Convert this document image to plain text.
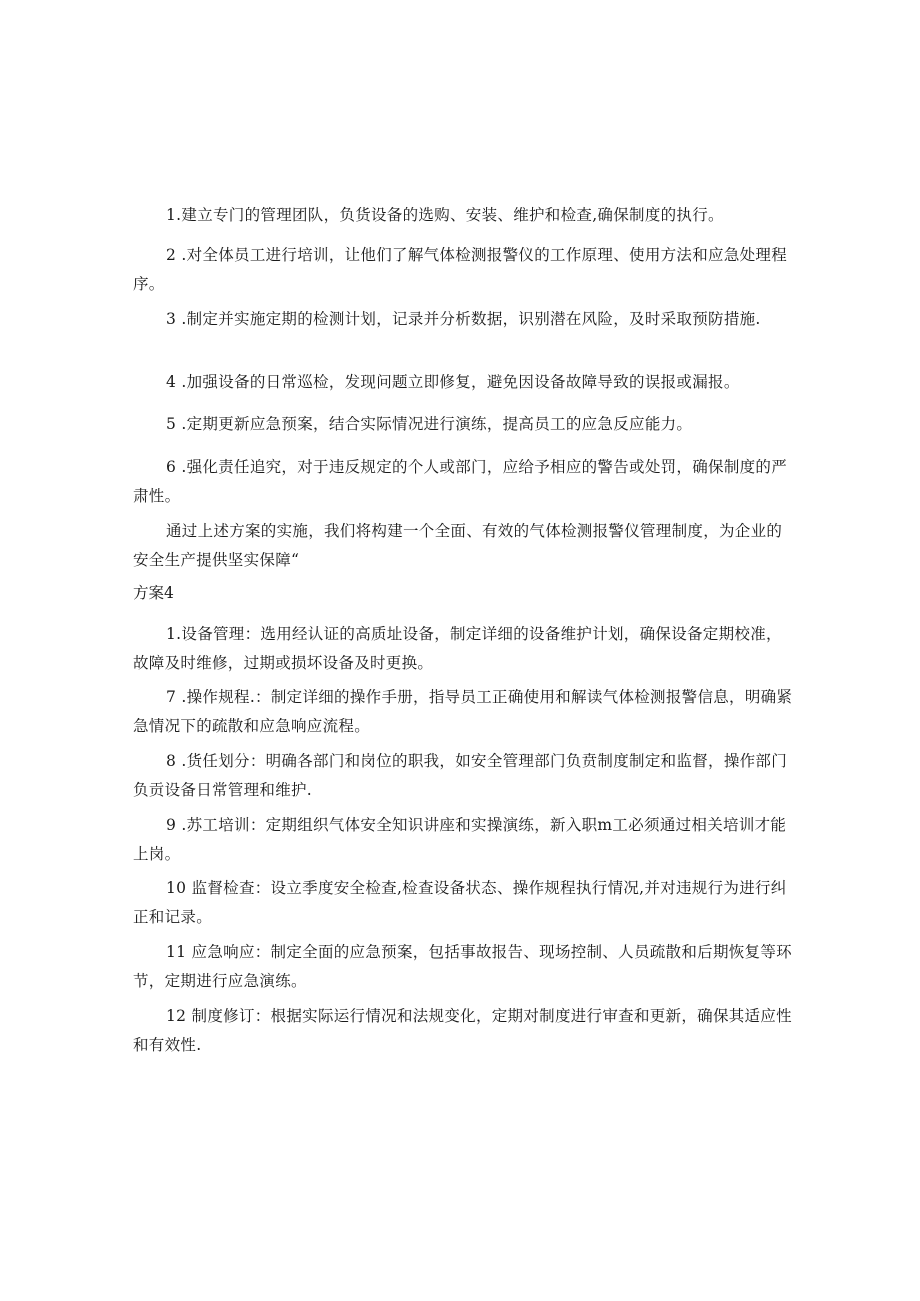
1.建立专门的管理团队，负货设备的选购、安装、维护和检查,确保制度的执行。

2 .对全体员工进行培训，让他们了解气体检测报警仪的工作原理、使用方法和应急处理程序。

3 .制定并实施定期的检测计划，记录并分析数据，识别潜在风险，及时采取预防措施.

4 .加强设备的日常巡检，发现问题立即修复，避免因设备故障导致的误报或漏报。

5 .定期更新应急预案，结合实际情况进行演练，提高员工的应急反应能力。

6 .强化责任追究，对于违反规定的个人或部门，应给予相应的警告或处罚，确保制度的严肃性。

通过上述方案的实施，我们将构建一个全面、有效的气体检测报警仪管理制度，为企业的安全生产提供坚实保障“

方案4

1.设备管理：选用经认证的高质址设备，制定详细的设备维护计划，确保设备定期校准，故障及时维修，过期或损坏设备及时更换。

7 .操作规程.：制定详细的操作手册，指导员工正确使用和解读气体检测报警信息，明确紧急情况下的疏散和应急响应流程。

8 .货任划分：明确各部门和岗位的职我，如安全管理部门负贲制度制定和监督，操作部门负贡设备日常管理和维护.

9 .苏工培训：定期组织气体安全知识讲座和实操演练，新入职m工必须通过相关培训才能上岗。

10 监督检查：设立季度安全检查,检查设备状态、操作规程执行情况,并对违规行为进行纠正和记录。

11 应急响应：制定全面的应急预案，包括事故报告、现场控制、人员疏散和后期恢复等环节，定期进行应急演练。

12 制度修订：根据实际运行情况和法规变化，定期对制度进行审查和更新，确保其适应性和有效性.
